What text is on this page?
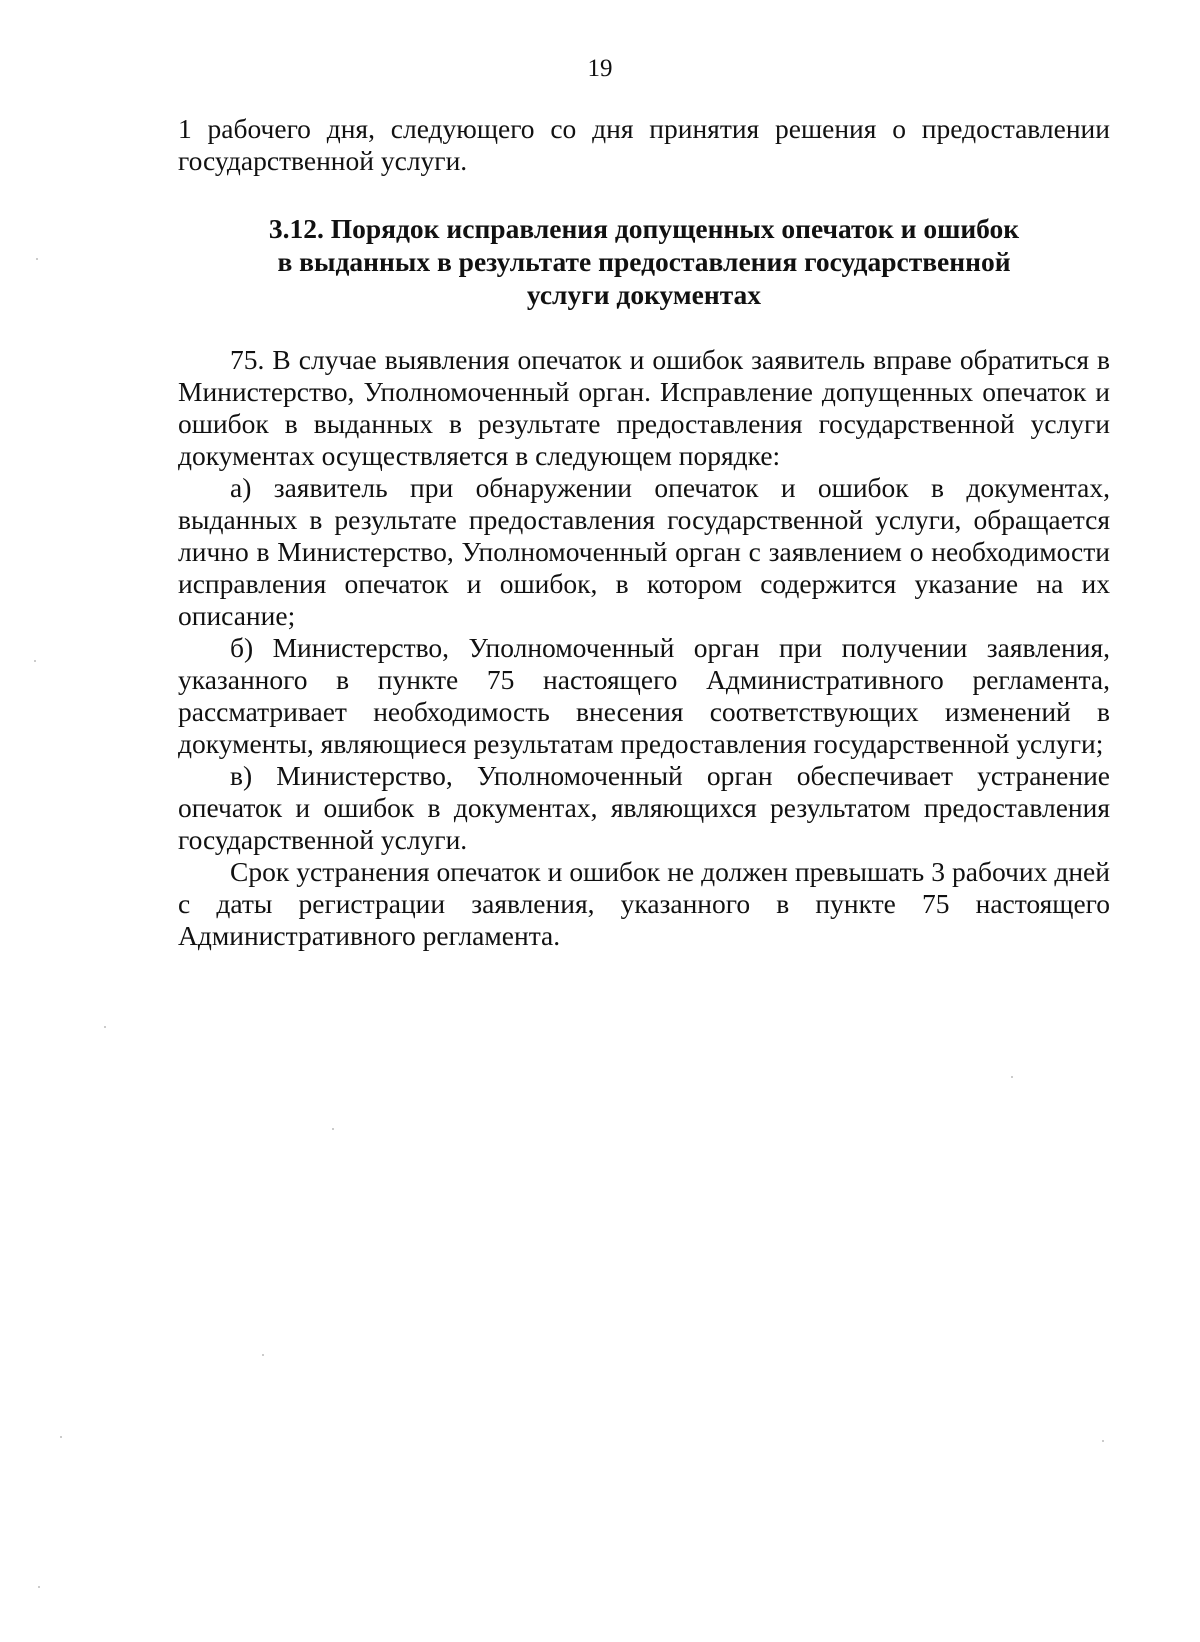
19

1 рабочего дня, следующего со дня принятия решения о предоставлении государственной услуги.

3.12. Порядок исправления допущенных опечаток и ошибок
в выданных в результате предоставления государственной
услуги документах

75. В случае выявления опечаток и ошибок заявитель вправе обратиться в Министерство, Уполномоченный орган. Исправление допущенных опечаток и ошибок в выданных в результате предоставления государственной услуги документах осуществляется в следующем порядке:

а) заявитель при обнаружении опечаток и ошибок в документах, выданных в результате предоставления государственной услуги, обращается лично в Министерство, Уполномоченный орган с заявлением о необходимости исправления опечаток и ошибок, в котором содержится указание на их описание;

б) Министерство, Уполномоченный орган при получении заявления, указанного в пункте 75 настоящего Административного регламента, рассматривает необходимость внесения соответствующих изменений в документы, являющиеся результатам предоставления государственной услуги;

в) Министерство, Уполномоченный орган обеспечивает устранение опечаток и ошибок в документах, являющихся результатом предоставления государственной услуги.

Срок устранения опечаток и ошибок не должен превышать 3 рабочих дней с даты регистрации заявления, указанного в пункте 75 настоящего Административного регламента.
